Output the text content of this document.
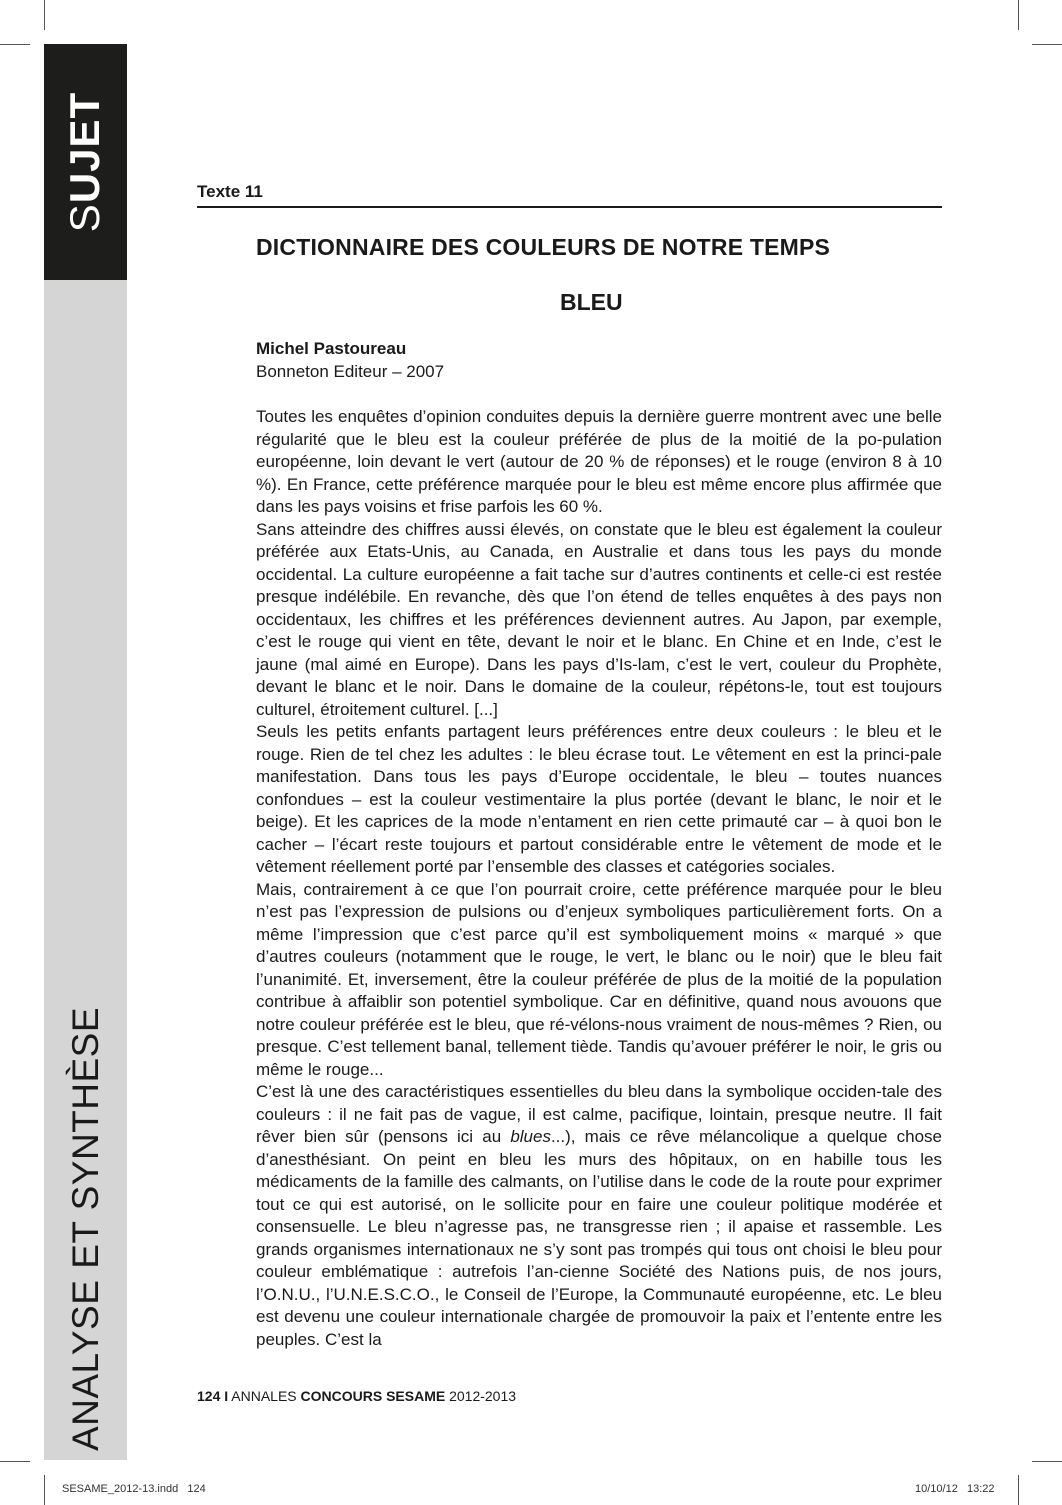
SUJET
ANALYSE ET SYNTHÈSE
Texte 11
DICTIONNAIRE DES COULEURS DE NOTRE TEMPS
BLEU
Michel Pastoureau
Bonneton Editeur – 2007

Toutes les enquêtes d’opinion conduites depuis la dernière guerre montrent avec une belle régularité que le bleu est la couleur préférée de plus de la moitié de la po-pulation européenne, loin devant le vert (autour de 20 % de réponses) et le rouge (environ 8 à 10 %). En France, cette préférence marquée pour le bleu est même encore plus affirmée que dans les pays voisins et frise parfois les 60 %.

Sans atteindre des chiffres aussi élevés, on constate que le bleu est également la couleur préférée aux Etats-Unis, au Canada, en Australie et dans tous les pays du monde occidental. La culture européenne a fait tache sur d’autres continents et celle-ci est restée presque indélébile. En revanche, dès que l’on étend de telles enquêtes à des pays non occidentaux, les chiffres et les préférences deviennent autres. Au Japon, par exemple, c’est le rouge qui vient en tête, devant le noir et le blanc. En Chine et en Inde, c’est le jaune (mal aimé en Europe). Dans les pays d’Is-lam, c’est le vert, couleur du Prophète, devant le blanc et le noir. Dans le domaine de la couleur, répétons-le, tout est toujours culturel, étroitement culturel. [...]

Seuls les petits enfants partagent leurs préférences entre deux couleurs : le bleu et le rouge. Rien de tel chez les adultes : le bleu écrase tout. Le vêtement en est la princi-pale manifestation. Dans tous les pays d’Europe occidentale, le bleu – toutes nuances confondues – est la couleur vestimentaire la plus portée (devant le blanc, le noir et le beige). Et les caprices de la mode n’entament en rien cette primauté car – à quoi bon le cacher – l’écart reste toujours et partout considérable entre le vêtement de mode et le vêtement réellement porté par l’ensemble des classes et catégories sociales.

Mais, contrairement à ce que l’on pourrait croire, cette préférence marquée pour le bleu n’est pas l’expression de pulsions ou d’enjeux symboliques particulièrement forts. On a même l’impression que c’est parce qu’il est symboliquement moins « marqué » que d’autres couleurs (notamment que le rouge, le vert, le blanc ou le noir) que le bleu fait l’unanimité. Et, inversement, être la couleur préférée de plus de la moitié de la population contribue à affaiblir son potentiel symbolique. Car en définitive, quand nous avouons que notre couleur préférée est le bleu, que ré-vélons-nous vraiment de nous-mêmes ? Rien, ou presque. C’est tellement banal, tellement tiède. Tandis qu’avouer préférer le noir, le gris ou même le rouge...

C’est là une des caractéristiques essentielles du bleu dans la symbolique occiden-tale des couleurs : il ne fait pas de vague, il est calme, pacifique, lointain, presque neutre. Il fait rêver bien sûr (pensons ici au blues...), mais ce rêve mélancolique a quelque chose d’anesthésiant. On peint en bleu les murs des hôpitaux, on en habille tous les médicaments de la famille des calmants, on l’utilise dans le code de la route pour exprimer tout ce qui est autorisé, on le sollicite pour en faire une couleur politique modérée et consensuelle. Le bleu n’agresse pas, ne transgresse rien ; il apaise et rassemble. Les grands organismes internationaux ne s’y sont pas trompés qui tous ont choisi le bleu pour couleur emblématique : autrefois l’an-cienne Société des Nations puis, de nos jours, l’O.N.U., l’U.N.E.S.C.O., le Conseil de l’Europe, la Communauté européenne, etc. Le bleu est devenu une couleur internationale chargée de promouvoir la paix et l’entente entre les peuples. C’est la

124 I ANNALES CONCOURS SESAME 2012-2013
SESAME_2012-13.indd   124	10/10/12   13:22
